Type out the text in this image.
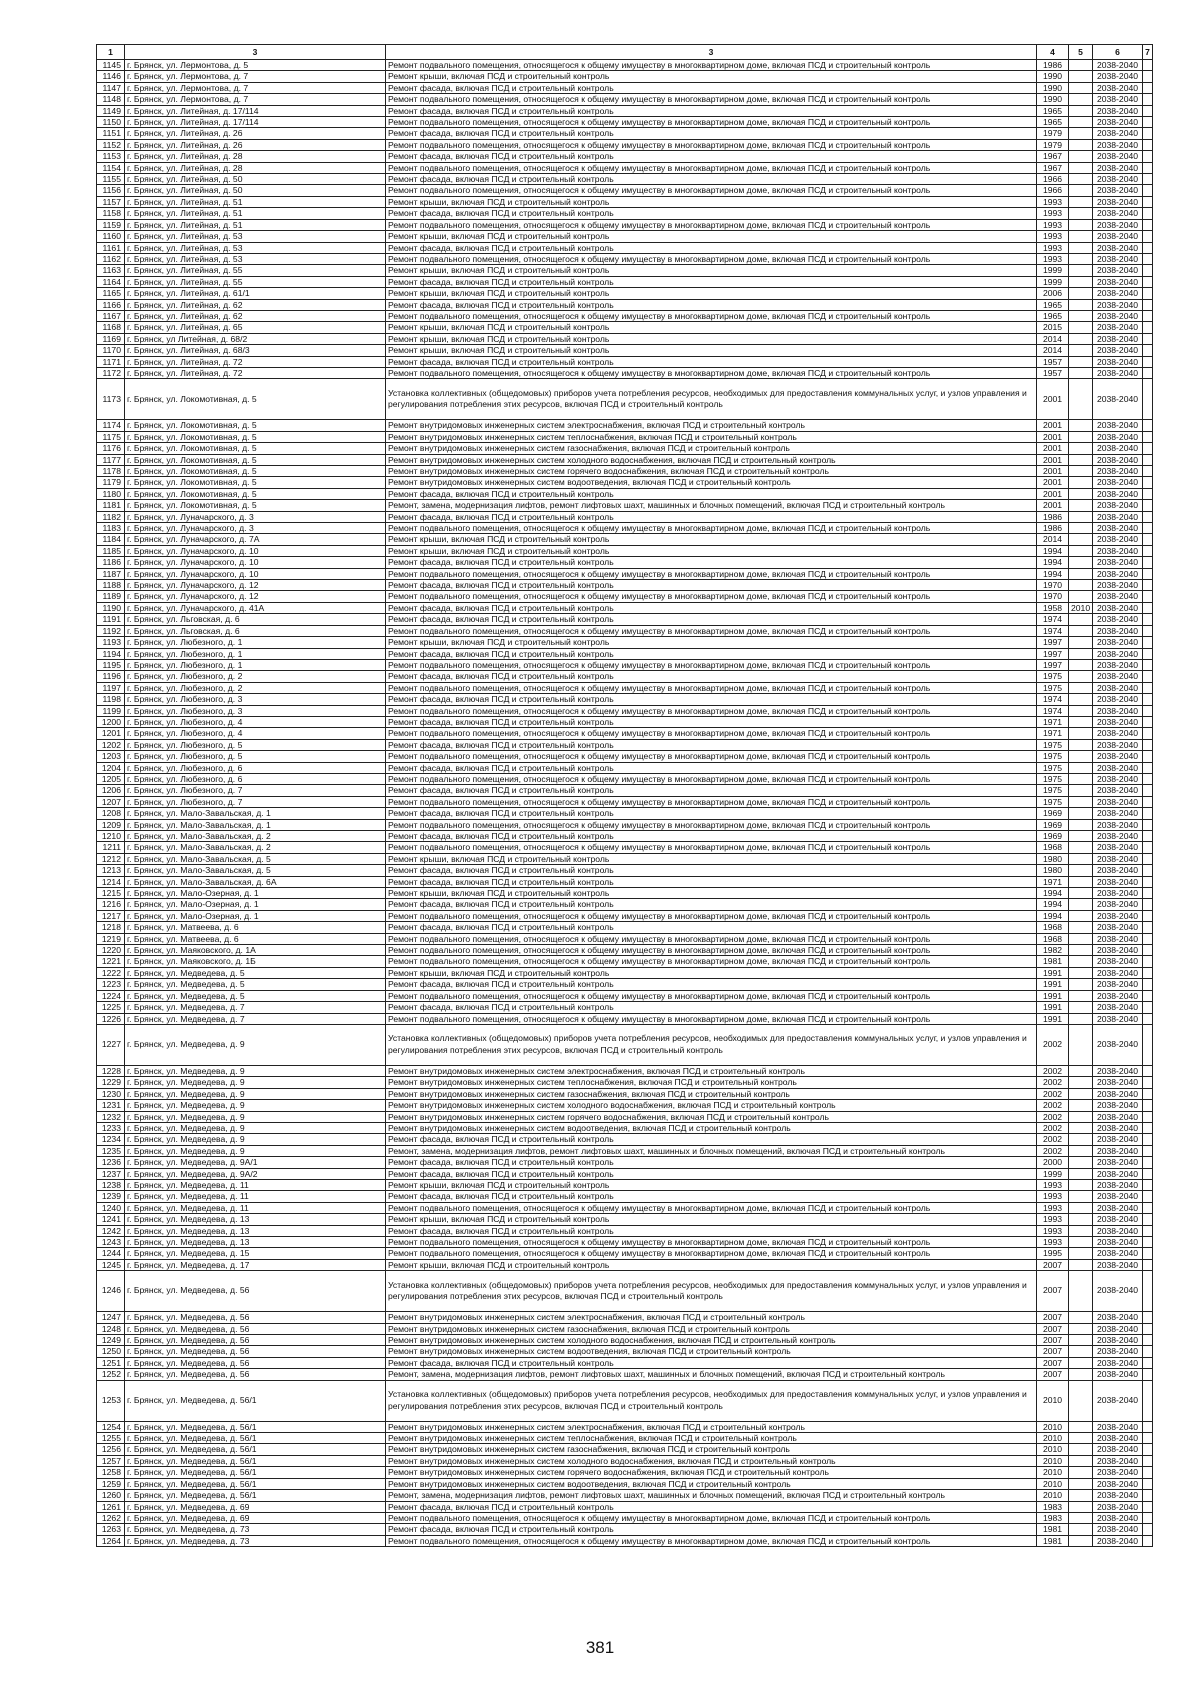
1	3	3	4	5	6	7
1145	г. Брянск, ул. Лермонтова, д. 5	Ремонт подвального помещения, относящегося к общему имуществу в многоквартирном доме, включая ПСД и строительный контроль	1986		2038-2040	
1146	г. Брянск, ул. Лермонтова, д. 7	Ремонт крыши, включая ПСД и строительный контроль	1990		2038-2040	
1147	г. Брянск, ул. Лермонтова, д. 7	Ремонт фасада, включая ПСД и строительный контроль	1990		2038-2040	
1148	г. Брянск, ул. Лермонтова, д. 7	Ремонт подвального помещения, относящегося к общему имуществу в многоквартирном доме, включая ПСД и строительный контроль	1990		2038-2040	
1149	г. Брянск, ул. Литейная, д. 17/114	Ремонт фасада, включая ПСД и строительный контроль	1965		2038-2040	
1150	г. Брянск, ул. Литейная, д. 17/114	Ремонт подвального помещения, относящегося к общему имуществу в многоквартирном доме, включая ПСД и строительный контроль	1965		2038-2040	
1151	г. Брянск, ул. Литейная, д. 26	Ремонт фасада, включая ПСД и строительный контроль	1979		2038-2040	
1152	г. Брянск, ул. Литейная, д. 26	Ремонт подвального помещения, относящегося к общему имуществу в многоквартирном доме, включая ПСД и строительный контроль	1979		2038-2040	
1153	г. Брянск, ул. Литейная, д. 28	Ремонт фасада, включая ПСД и строительный контроль	1967		2038-2040	
1154	г. Брянск, ул. Литейная, д. 28	Ремонт подвального помещения, относящегося к общему имуществу в многоквартирном доме, включая ПСД и строительный контроль	1967		2038-2040	
1155	г. Брянск, ул. Литейная, д. 50	Ремонт фасада, включая ПСД и строительный контроль	1966		2038-2040	
1156	г. Брянск, ул. Литейная, д. 50	Ремонт подвального помещения, относящегося к общему имуществу в многоквартирном доме, включая ПСД и строительный контроль	1966		2038-2040	
1157	г. Брянск, ул. Литейная, д. 51	Ремонт крыши, включая ПСД и строительный контроль	1993		2038-2040	
1158	г. Брянск, ул. Литейная, д. 51	Ремонт фасада, включая ПСД и строительный контроль	1993		2038-2040	
1159	г. Брянск, ул. Литейная, д. 51	Ремонт подвального помещения, относящегося к общему имуществу в многоквартирном доме, включая ПСД и строительный контроль	1993		2038-2040	
1160	г. Брянск, ул. Литейная, д. 53	Ремонт крыши, включая ПСД и строительный контроль	1993		2038-2040	
1161	г. Брянск, ул. Литейная, д. 53	Ремонт фасада, включая ПСД и строительный контроль	1993		2038-2040	
1162	г. Брянск, ул. Литейная, д. 53	Ремонт подвального помещения, относящегося к общему имуществу в многоквартирном доме, включая ПСД и строительный контроль	1993		2038-2040	
1163	г. Брянск, ул. Литейная, д. 55	Ремонт крыши, включая ПСД и строительный контроль	1999		2038-2040	
1164	г. Брянск, ул. Литейная, д. 55	Ремонт фасада, включая ПСД и строительный контроль	1999		2038-2040	
1165	г. Брянск, ул. Литейная, д. 61/1	Ремонт крыши, включая ПСД и строительный контроль	2006		2038-2040	
1166	г. Брянск, ул. Литейная, д. 62	Ремонт фасада, включая ПСД и строительный контроль	1965		2038-2040	
1167	г. Брянск, ул. Литейная, д. 62	Ремонт подвального помещения, относящегося к общему имуществу в многоквартирном доме, включая ПСД и строительный контроль	1965		2038-2040	
1168	г. Брянск, ул. Литейная, д. 65	Ремонт крыши, включая ПСД и строительный контроль	2015		2038-2040	
1169	г. Брянск, ул Литейная, д. 68/2	Ремонт крыши, включая ПСД и строительный контроль	2014		2038-2040	
1170	г. Брянск, ул. Литейная, д. 68/3	Ремонт крыши, включая ПСД и строительный контроль	2014		2038-2040	
1171	г. Брянск, ул. Литейная, д. 72	Ремонт фасада, включая ПСД и строительный контроль	1957		2038-2040	
1172	г. Брянск, ул. Литейная, д. 72	Ремонт подвального помещения, относящегося к общему имуществу в многоквартирном доме, включая ПСД и строительный контроль	1957		2038-2040	
1173	г. Брянск, ул. Локомотивная, д. 5	Установка коллективных (общедомовых) приборов учета потребления ресурсов, необходимых для предоставления коммунальных услуг, и узлов управления и регулирования потребления этих ресурсов, включая ПСД и строительный контроль	2001		2038-2040	
1174	г. Брянск, ул. Локомотивная, д. 5	Ремонт внутридомовых инженерных систем электроснабжения, включая ПСД и строительный контроль	2001		2038-2040	
1175	г. Брянск, ул. Локомотивная, д. 5	Ремонт внутридомовых инженерных систем теплоснабжения, включая ПСД и строительный контроль	2001		2038-2040	
1176	г. Брянск, ул. Локомотивная, д. 5	Ремонт внутридомовых инженерных систем газоснабжения, включая ПСД и строительный контроль	2001		2038-2040	
1177	г. Брянск, ул. Локомотивная, д. 5	Ремонт внутридомовых инженерных систем холодного водоснабжения, включая ПСД и строительный контроль	2001		2038-2040	
1178	г. Брянск, ул. Локомотивная, д. 5	Ремонт внутридомовых инженерных систем горячего водоснабжения, включая ПСД и строительный контроль	2001		2038-2040	
1179	г. Брянск, ул. Локомотивная, д. 5	Ремонт внутридомовых инженерных систем водоотведения, включая ПСД и строительный контроль	2001		2038-2040	
1180	г. Брянск, ул. Локомотивная, д. 5	Ремонт фасада, включая ПСД и строительный контроль	2001		2038-2040	
1181	г. Брянск, ул. Локомотивная, д. 5	Ремонт, замена, модернизация лифтов, ремонт лифтовых шахт, машинных и блочных помещений, включая ПСД и строительный контроль	2001		2038-2040	
1182	г. Брянск, ул. Луначарского, д. 3	Ремонт фасада, включая ПСД и строительный контроль	1986		2038-2040	
1183	г. Брянск, ул. Луначарского, д. 3	Ремонт подвального помещения, относящегося к общему имуществу в многоквартирном доме, включая ПСД и строительный контроль	1986		2038-2040	
1184	г. Брянск, ул. Луначарского, д. 7А	Ремонт крыши, включая ПСД и строительный контроль	2014		2038-2040	
1185	г. Брянск, ул. Луначарского, д. 10	Ремонт крыши, включая ПСД и строительный контроль	1994		2038-2040	
1186	г. Брянск, ул. Луначарского, д. 10	Ремонт фасада, включая ПСД и строительный контроль	1994		2038-2040	
1187	г. Брянск, ул. Луначарского, д. 10	Ремонт подвального помещения, относящегося к общему имуществу в многоквартирном доме, включая ПСД и строительный контроль	1994		2038-2040	
1188	г. Брянск, ул. Луначарского, д. 12	Ремонт фасада, включая ПСД и строительный контроль	1970		2038-2040	
1189	г. Брянск, ул. Луначарского, д. 12	Ремонт подвального помещения, относящегося к общему имуществу в многоквартирном доме, включая ПСД и строительный контроль	1970		2038-2040	
1190	г. Брянск, ул. Луначарского, д. 41А	Ремонт фасада, включая ПСД и строительный контроль	1958	2010	2038-2040	
1191	г. Брянск, ул. Льговская, д. 6	Ремонт фасада, включая ПСД и строительный контроль	1974		2038-2040	
1192	г. Брянск, ул. Льговская, д. 6	Ремонт подвального помещения, относящегося к общему имуществу в многоквартирном доме, включая ПСД и строительный контроль	1974		2038-2040	
1193	г. Брянск, ул. Любезного, д. 1	Ремонт крыши, включая ПСД и строительный контроль	1997		2038-2040	
1194	г. Брянск, ул. Любезного, д. 1	Ремонт фасада, включая ПСД и строительный контроль	1997		2038-2040	
1195	г. Брянск, ул. Любезного, д. 1	Ремонт подвального помещения, относящегося к общему имуществу в многоквартирном доме, включая ПСД и строительный контроль	1997		2038-2040	
1196	г. Брянск, ул. Любезного, д. 2	Ремонт фасада, включая ПСД и строительный контроль	1975		2038-2040	
1197	г. Брянск, ул. Любезного, д. 2	Ремонт подвального помещения, относящегося к общему имуществу в многоквартирном доме, включая ПСД и строительный контроль	1975		2038-2040	
1198	г. Брянск, ул. Любезного, д. 3	Ремонт фасада, включая ПСД и строительный контроль	1974		2038-2040	
1199	г. Брянск, ул. Любезного, д. 3	Ремонт подвального помещения, относящегося к общему имуществу в многоквартирном доме, включая ПСД и строительный контроль	1974		2038-2040	
1200	г. Брянск, ул. Любезного, д. 4	Ремонт фасада, включая ПСД и строительный контроль	1971		2038-2040	
1201	г. Брянск, ул. Любезного, д. 4	Ремонт подвального помещения, относящегося к общему имуществу в многоквартирном доме, включая ПСД и строительный контроль	1971		2038-2040	
1202	г. Брянск, ул. Любезного, д. 5	Ремонт фасада, включая ПСД и строительный контроль	1975		2038-2040	
1203	г. Брянск, ул. Любезного, д. 5	Ремонт подвального помещения, относящегося к общему имуществу в многоквартирном доме, включая ПСД и строительный контроль	1975		2038-2040	
1204	г. Брянск, ул. Любезного, д. 6	Ремонт фасада, включая ПСД и строительный контроль	1975		2038-2040	
1205	г. Брянск, ул. Любезного, д. 6	Ремонт подвального помещения, относящегося к общему имуществу в многоквартирном доме, включая ПСД и строительный контроль	1975		2038-2040	
1206	г. Брянск, ул. Любезного, д. 7	Ремонт фасада, включая ПСД и строительный контроль	1975		2038-2040	
1207	г. Брянск, ул. Любезного, д. 7	Ремонт подвального помещения, относящегося к общему имуществу в многоквартирном доме, включая ПСД и строительный контроль	1975		2038-2040	
1208	г. Брянск, ул. Мало-Завальская, д. 1	Ремонт фасада, включая ПСД и строительный контроль	1969		2038-2040	
1209	г. Брянск, ул. Мало-Завальская, д. 1	Ремонт подвального помещения, относящегося к общему имуществу в многоквартирном доме, включая ПСД и строительный контроль	1969		2038-2040	
1210	г. Брянск, ул. Мало-Завальская, д. 2	Ремонт фасада, включая ПСД и строительный контроль	1969		2038-2040	
1211	г. Брянск, ул. Мало-Завальская, д. 2	Ремонт подвального помещения, относящегося к общему имуществу в многоквартирном доме, включая ПСД и строительный контроль	1968		2038-2040	
1212	г. Брянск, ул. Мало-Завальская, д. 5	Ремонт крыши, включая ПСД и строительный контроль	1980		2038-2040	
1213	г. Брянск, ул. Мало-Завальская, д. 5	Ремонт фасада, включая ПСД и строительный контроль	1980		2038-2040	
1214	г. Брянск, ул. Мало-Завальская, д. 6А	Ремонт фасада, включая ПСД и строительный контроль	1971		2038-2040	
1215	г. Брянск, ул. Мало-Озерная, д. 1	Ремонт крыши, включая ПСД и строительный контроль	1994		2038-2040	
1216	г. Брянск, ул. Мало-Озерная, д. 1	Ремонт фасада, включая ПСД и строительный контроль	1994		2038-2040	
1217	г. Брянск, ул. Мало-Озерная, д. 1	Ремонт подвального помещения, относящегося к общему имуществу в многоквартирном доме, включая ПСД и строительный контроль	1994		2038-2040	
1218	г. Брянск, ул. Матвеева, д. 6	Ремонт фасада, включая ПСД и строительный контроль	1968		2038-2040	
1219	г. Брянск, ул. Матвеева, д. 6	Ремонт подвального помещения, относящегося к общему имуществу в многоквартирном доме, включая ПСД и строительный контроль	1968		2038-2040	
1220	г. Брянск, ул. Маяковского, д. 1А	Ремонт подвального помещения, относящегося к общему имуществу в многоквартирном доме, включая ПСД и строительный контроль	1982		2038-2040	
1221	г. Брянск, ул. Маяковского, д. 1Б	Ремонт подвального помещения, относящегося к общему имуществу в многоквартирном доме, включая ПСД и строительный контроль	1981		2038-2040	
1222	г. Брянск, ул. Медведева, д. 5	Ремонт крыши, включая ПСД и строительный контроль	1991		2038-2040	
1223	г. Брянск, ул. Медведева, д. 5	Ремонт фасада, включая ПСД и строительный контроль	1991		2038-2040	
1224	г. Брянск, ул. Медведева, д. 5	Ремонт подвального помещения, относящегося к общему имуществу в многоквартирном доме, включая ПСД и строительный контроль	1991		2038-2040	
1225	г. Брянск, ул. Медведева, д. 7	Ремонт фасада, включая ПСД и строительный контроль	1991		2038-2040	
1226	г. Брянск, ул. Медведева, д. 7	Ремонт подвального помещения, относящегося к общему имуществу в многоквартирном доме, включая ПСД и строительный контроль	1991		2038-2040	
1227	г. Брянск, ул. Медведева, д. 9	Установка коллективных (общедомовых) приборов учета потребления ресурсов, необходимых для предоставления коммунальных услуг, и узлов управления и регулирования потребления этих ресурсов, включая ПСД и строительный контроль	2002		2038-2040	
1228	г. Брянск, ул. Медведева, д. 9	Ремонт внутридомовых инженерных систем электроснабжения, включая ПСД и строительный контроль	2002		2038-2040	
1229	г. Брянск, ул. Медведева, д. 9	Ремонт внутридомовых инженерных систем теплоснабжения, включая ПСД и строительный контроль	2002		2038-2040	
1230	г. Брянск, ул. Медведева, д. 9	Ремонт внутридомовых инженерных систем газоснабжения, включая ПСД и строительный контроль	2002		2038-2040	
1231	г. Брянск, ул. Медведева, д. 9	Ремонт внутридомовых инженерных систем холодного водоснабжения, включая ПСД и строительный контроль	2002		2038-2040	
1232	г. Брянск, ул. Медведева, д. 9	Ремонт внутридомовых инженерных систем горячего водоснабжения, включая ПСД и строительный контроль	2002		2038-2040	
1233	г. Брянск, ул. Медведева, д. 9	Ремонт внутридомовых инженерных систем водоотведения, включая ПСД и строительный контроль	2002		2038-2040	
1234	г. Брянск, ул. Медведева, д. 9	Ремонт фасада, включая ПСД и строительный контроль	2002		2038-2040	
1235	г. Брянск, ул. Медведева, д. 9	Ремонт, замена, модернизация лифтов, ремонт лифтовых шахт, машинных и блочных помещений, включая ПСД и строительный контроль	2002		2038-2040	
1236	г. Брянск, ул. Медведева, д. 9А/1	Ремонт фасада, включая ПСД и строительный контроль	2000		2038-2040	
1237	г. Брянск, ул. Медведева, д. 9А/2	Ремонт фасада, включая ПСД и строительный контроль	1999		2038-2040	
1238	г. Брянск, ул. Медведева, д. 11	Ремонт крыши, включая ПСД и строительный контроль	1993		2038-2040	
1239	г. Брянск, ул. Медведева, д. 11	Ремонт фасада, включая ПСД и строительный контроль	1993		2038-2040	
1240	г. Брянск, ул. Медведева, д. 11	Ремонт подвального помещения, относящегося к общему имуществу в многоквартирном доме, включая ПСД и строительный контроль	1993		2038-2040	
1241	г. Брянск, ул. Медведева, д. 13	Ремонт крыши, включая ПСД и строительный контроль	1993		2038-2040	
1242	г. Брянск, ул. Медведева, д. 13	Ремонт фасада, включая ПСД и строительный контроль	1993		2038-2040	
1243	г. Брянск, ул. Медведева, д. 13	Ремонт подвального помещения, относящегося к общему имуществу в многоквартирном доме, включая ПСД и строительный контроль	1993		2038-2040	
1244	г. Брянск, ул. Медведева, д. 15	Ремонт подвального помещения, относящегося к общему имуществу в многоквартирном доме, включая ПСД и строительный контроль	1995		2038-2040	
1245	г. Брянск, ул. Медведева, д. 17	Ремонт крыши, включая ПСД и строительный контроль	2007		2038-2040	
1246	г. Брянск, ул. Медведева, д. 56	Установка коллективных (общедомовых) приборов учета потребления ресурсов, необходимых для предоставления коммунальных услуг, и узлов управления и регулирования потребления этих ресурсов, включая ПСД и строительный контроль	2007		2038-2040	
1247	г. Брянск, ул. Медведева, д. 56	Ремонт внутридомовых инженерных систем электроснабжения, включая ПСД и строительный контроль	2007		2038-2040	
1248	г. Брянск, ул. Медведева, д. 56	Ремонт внутридомовых инженерных систем газоснабжения, включая ПСД и строительный контроль	2007		2038-2040	
1249	г. Брянск, ул. Медведева, д. 56	Ремонт внутридомовых инженерных систем холодного водоснабжения, включая ПСД и строительный контроль	2007		2038-2040	
1250	г. Брянск, ул. Медведева, д. 56	Ремонт внутридомовых инженерных систем водоотведения, включая ПСД и строительный контроль	2007		2038-2040	
1251	г. Брянск, ул. Медведева, д. 56	Ремонт фасада, включая ПСД и строительный контроль	2007		2038-2040	
1252	г. Брянск, ул. Медведева, д. 56	Ремонт, замена, модернизация лифтов, ремонт лифтовых шахт, машинных и блочных помещений, включая ПСД и строительный контроль	2007		2038-2040	
1253	г. Брянск, ул. Медведева, д. 56/1	Установка коллективных (общедомовых) приборов учета потребления ресурсов, необходимых для предоставления коммунальных услуг, и узлов управления и регулирования потребления этих ресурсов, включая ПСД и строительный контроль	2010		2038-2040	
1254	г. Брянск, ул. Медведева, д. 56/1	Ремонт внутридомовых инженерных систем электроснабжения, включая ПСД и строительный контроль	2010		2038-2040	
1255	г. Брянск, ул. Медведева, д. 56/1	Ремонт внутридомовых инженерных систем теплоснабжения, включая ПСД и строительный контроль	2010		2038-2040	
1256	г. Брянск, ул. Медведева, д. 56/1	Ремонт внутридомовых инженерных систем газоснабжения, включая ПСД и строительный контроль	2010		2038-2040	
1257	г. Брянск, ул. Медведева, д. 56/1	Ремонт внутридомовых инженерных систем холодного водоснабжения, включая ПСД и строительный контроль	2010		2038-2040	
1258	г. Брянск, ул. Медведева, д. 56/1	Ремонт внутридомовых инженерных систем горячего водоснабжения, включая ПСД и строительный контроль	2010		2038-2040	
1259	г. Брянск, ул. Медведева, д. 56/1	Ремонт внутридомовых инженерных систем водоотведения, включая ПСД и строительный контроль	2010		2038-2040	
1260	г. Брянск, ул. Медведева, д. 56/1	Ремонт, замена, модернизация лифтов, ремонт лифтовых шахт, машинных и блочных помещений, включая ПСД и строительный контроль	2010		2038-2040	
1261	г. Брянск, ул. Медведева, д. 69	Ремонт фасада, включая ПСД и строительный контроль	1983		2038-2040	
1262	г. Брянск, ул. Медведева, д. 69	Ремонт подвального помещения, относящегося к общему имуществу в многоквартирном доме, включая ПСД и строительный контроль	1983		2038-2040	
1263	г. Брянск, ул. Медведева, д. 73	Ремонт фасада, включая ПСД и строительный контроль	1981		2038-2040	
1264	г. Брянск, ул. Медведева, д. 73	Ремонт подвального помещения, относящегося к общему имуществу в многоквартирном доме, включая ПСД и строительный контроль	1981		2038-2040	
381
